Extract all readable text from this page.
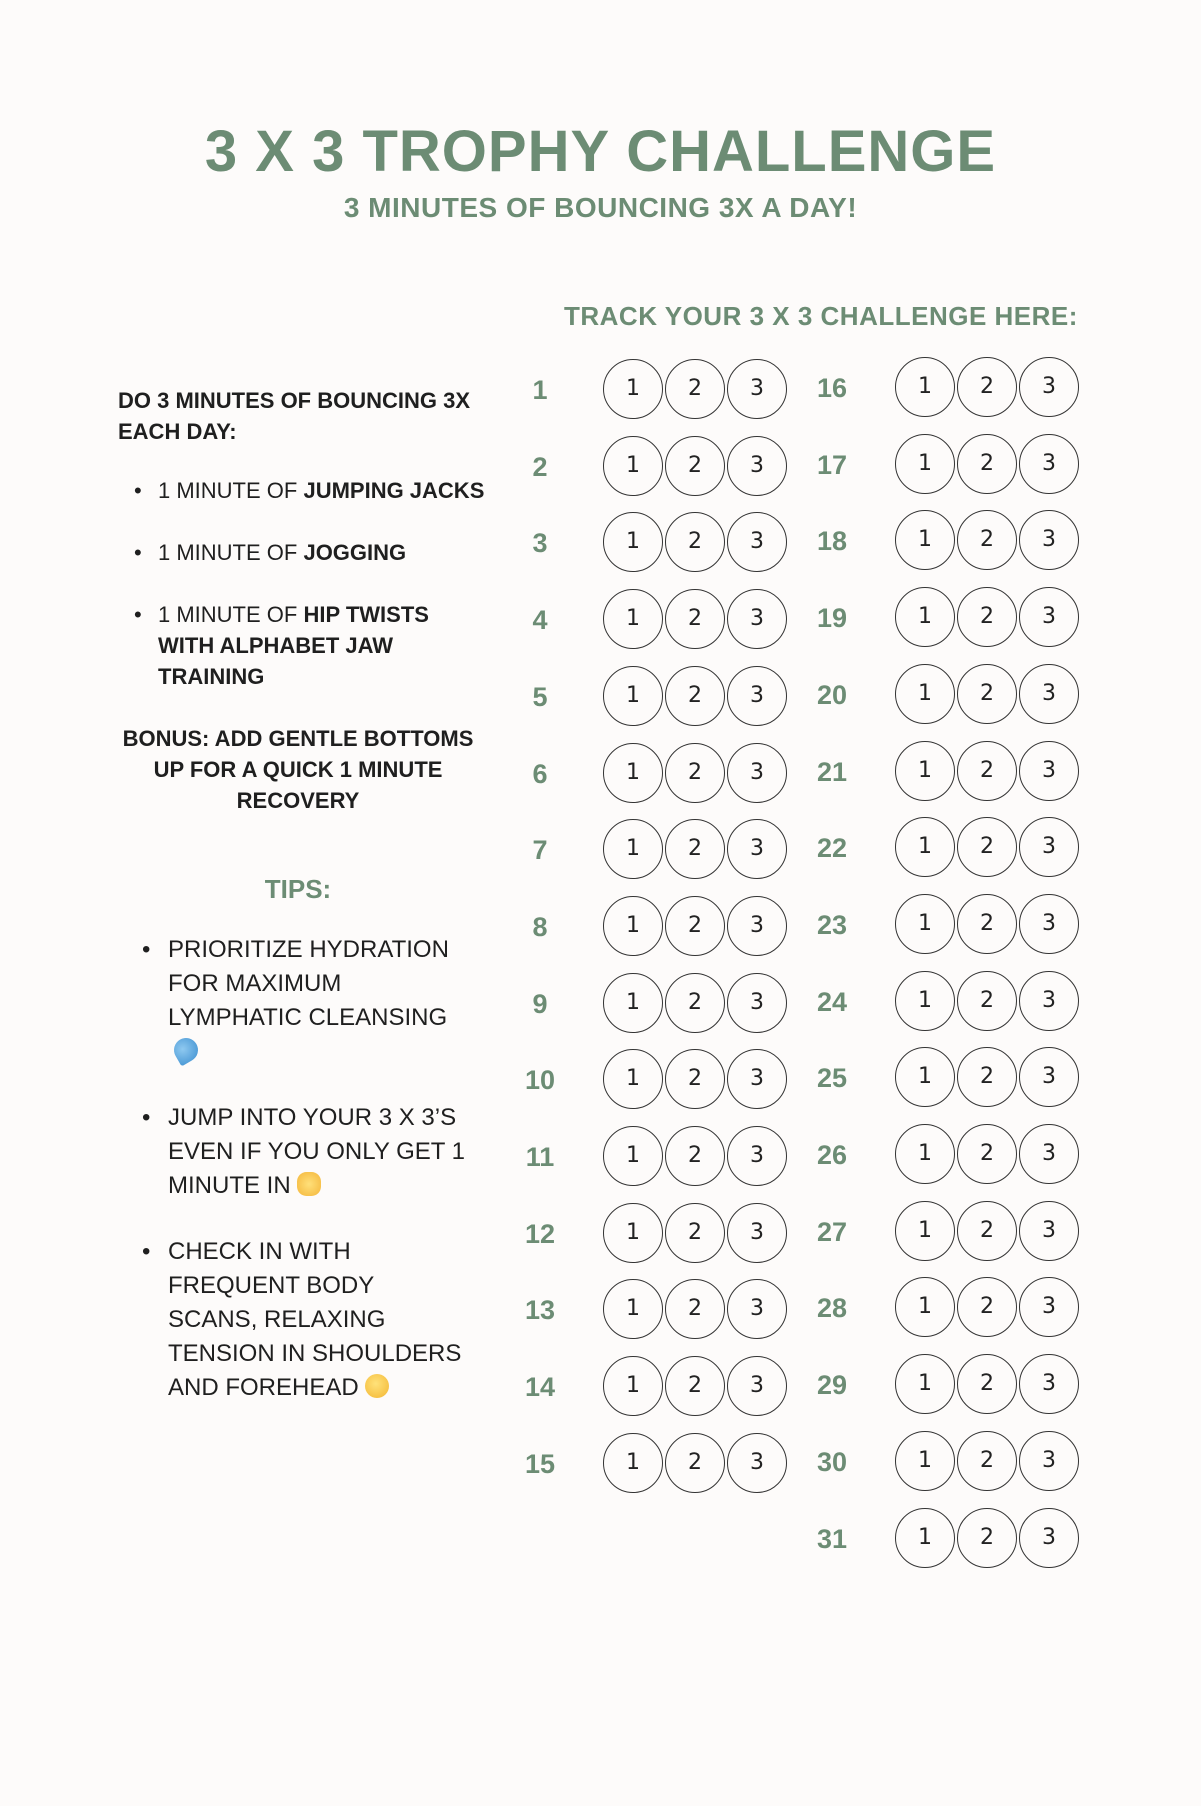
3 X 3 TROPHY CHALLENGE
3 MINUTES OF BOUNCING 3X A DAY!
TRACK YOUR 3 X 3 CHALLENGE HERE:

DO 3 MINUTES OF BOUNCING 3X EACH DAY:

• 1 MINUTE OF JUMPING JACKS
• 1 MINUTE OF JOGGING
• 1 MINUTE OF HIP TWISTS WITH ALPHABET JAW TRAINING

BONUS: ADD GENTLE BOTTOMS UP FOR A QUICK 1 MINUTE RECOVERY

TIPS:
• PRIORITIZE HYDRATION FOR MAXIMUM LYMPHATIC CLEANSING
• JUMP INTO YOUR 3 X 3’S EVEN IF YOU ONLY GET 1 MINUTE IN
• CHECK IN WITH FREQUENT BODY SCANS, RELAXING TENSION IN SHOULDERS AND FOREHEAD
1	1	2	3
2	1	2	3
3	1	2	3
4	1	2	3
5	1	2	3
6	1	2	3
7	1	2	3
8	1	2	3
9	1	2	3
10	1	2	3
11	1	2	3
12	1	2	3
13	1	2	3
14	1	2	3
15	1	2	3
16	1	2	3
17	1	2	3
18	1	2	3
19	1	2	3
20	1	2	3
21	1	2	3
22	1	2	3
23	1	2	3
24	1	2	3
25	1	2	3
26	1	2	3
27	1	2	3
28	1	2	3
29	1	2	3
30	1	2	3
31	1	2	3
